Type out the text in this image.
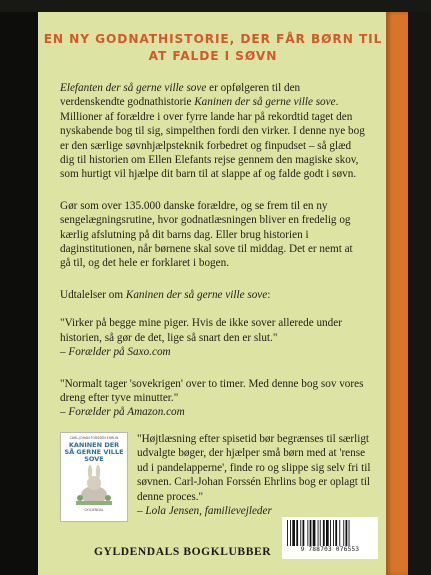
EN NY GODNATHISTORIE, DER FÅR BØRN TIL
AT FALDE I SØVN

Elefanten der så gerne ville sove er opfølgeren til den verdenskendte godnathistorie Kaninen der så gerne ville sove. Millioner af forældre i over fyrre lande har på rekordtid taget den nyskabende bog til sig, simpelthen fordi den virker. I denne nye bog er den særlige søvnhjælpsteknik forbedret og finpudset – så glæd dig til historien om Ellen Elefants rejse gennem den magiske skov, som hurtigt vil hjælpe dit barn til at slappe af og falde godt i søvn.

Gør som over 135.000 danske forældre, og se frem til en ny sengelægningsrutine, hvor godnatlæsningen bliver en fredelig og kærlig afslutning på dit barns dag. Eller brug historien i daginstitutionen, når børnene skal sove til middag. Det er nemt at gå til, og det hele er forklaret i bogen.

Udtalelser om Kaninen der så gerne ville sove:

"Virker på begge mine piger. Hvis de ikke sover allerede under historien, så gør de det, lige så snart den er slut."
– Forælder på Saxo.com
"Normalt tager 'sovekrigen' over to timer. Med denne bog sov vores dreng efter tyve minutter."
– Forælder på Amazon.com
CARL-JOHAN FORSSÉN EHRLIN
KANINEN DER SÅ GERNE VILLE SOVE
GYLDENDAL
"Højtlæsning efter spisetid bør begrænses til særligt udvalgte bøger, der hjælper små børn med at 'rense ud i pandelapperne', finde ro og slippe sig selv fri til søvnen. Carl-Johan Forssén Ehrlins bog er oplagt til denne proces."
– Lola Jensen, familievejleder
GYLDENDALS BOGKLUBBER	9 788703 076553
